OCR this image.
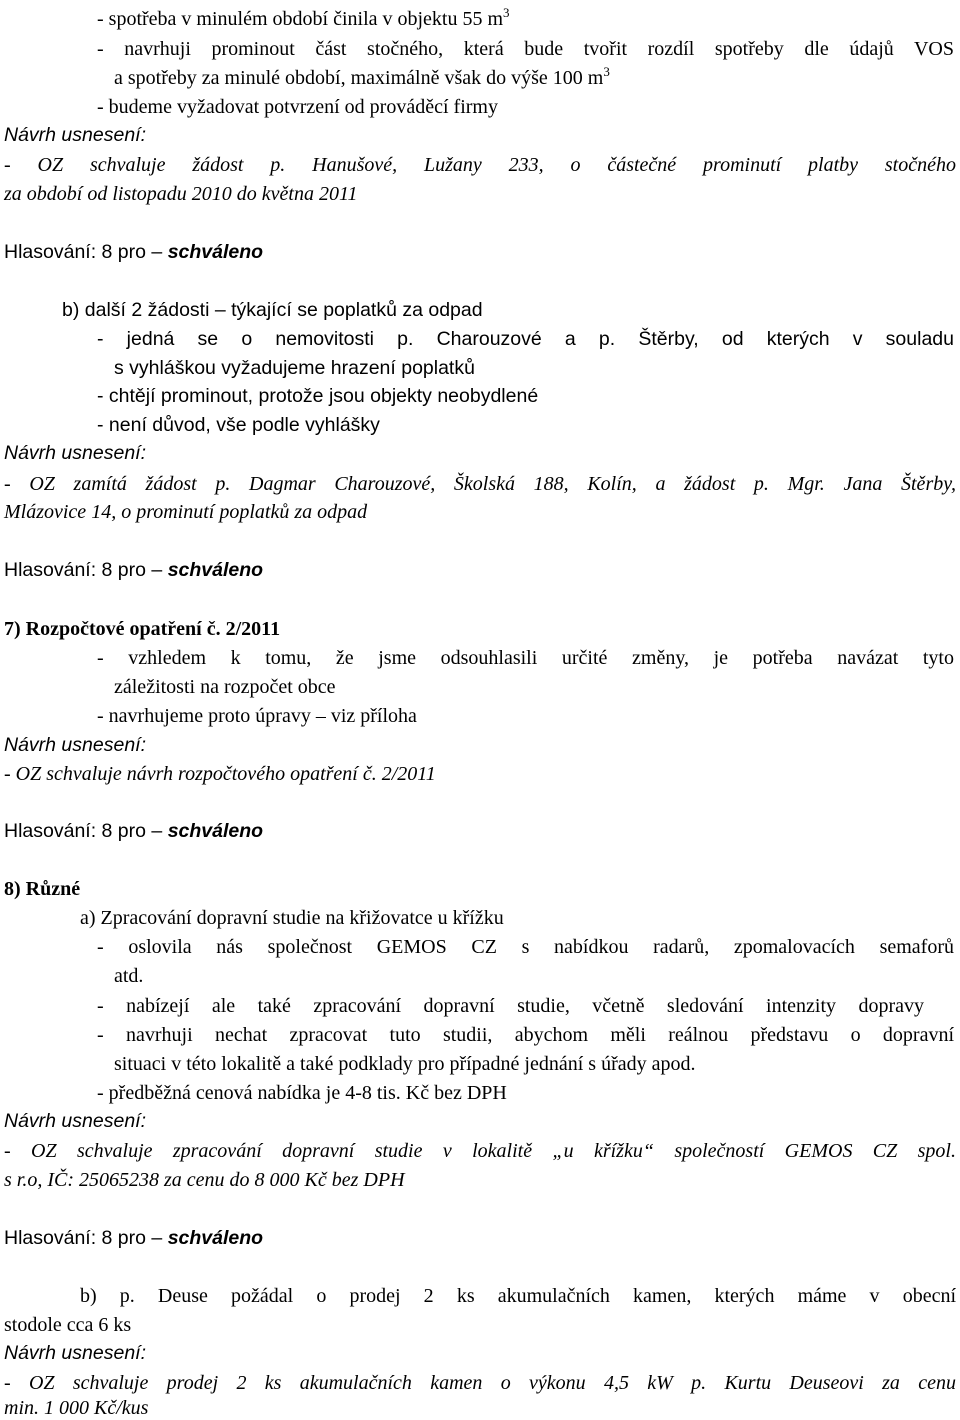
- spotřeba v minulém období činila v objektu 55 $m^3$
- navrhuji prominout část stočného, která bude tvořit rozdíl spotřeby dle údajů VOS
a spotřeby za minulé období, maximálně však do výše 100 $m^3$
- budeme vyžadovat potvrzení od prováděcí firmy
Návrh usnesení:
- OZ schvaluje žádost p. Hanušové, Lužany 233, o částečné prominutí platby stočného
za období od listopadu 2010 do května 2011
Hlasování: 8 pro – schváleno
b) další 2 žádosti – týkající se poplatků za odpad
- jedná se o nemovitosti p. Charouzové a p. Štěrby, od kterých v souladu
s vyhláškou vyžadujeme hrazení poplatků
- chtějí prominout, protože jsou objekty neobydlené
- není důvod, vše podle vyhlášky
Návrh usnesení:
- OZ zamítá žádost p. Dagmar Charouzové, Školská 188, Kolín, a žádost p. Mgr. Jana Štěrby,
Mlázovice 14, o prominutí poplatků za odpad
Hlasování: 8 pro – schváleno
7) Rozpočtové opatření č. 2/2011
- vzhledem k tomu, že jsme odsouhlasili určité změny, je potřeba navázat tyto
záležitosti na rozpočet obce
- navrhujeme proto úpravy – viz příloha
Návrh usnesení:
- OZ schvaluje návrh rozpočtového opatření č. 2/2011
Hlasování: 8 pro – schváleno
8) Různé
a) Zpracování dopravní studie na křižovatce u křížku
- oslovila nás společnost GEMOS CZ s nabídkou radarů, zpomalovacích semaforů
atd.
- nabízejí ale také zpracování dopravní studie, včetně sledování intenzity dopravy
- navrhuji nechat zpracovat tuto studii, abychom měli reálnou představu o dopravní
situaci v této lokalitě a také podklady pro případné jednání s úřady apod.
- předběžná cenová nabídka je 4-8 tis. Kč bez DPH
Návrh usnesení:
- OZ schvaluje zpracování dopravní studie v lokalitě „u křížku“ společností GEMOS CZ spol.
s r.o, IČ: 25065238 za cenu do 8 000 Kč bez DPH
Hlasování: 8 pro – schváleno
b) p. Deuse požádal o prodej 2 ks akumulačních kamen, kterých máme v obecní
stodole cca 6 ks
Návrh usnesení:
- OZ schvaluje prodej 2 ks akumulačních kamen o výkonu 4,5 kW p. Kurtu Deuseovi za cenu
min. 1 000 Kč/kus
